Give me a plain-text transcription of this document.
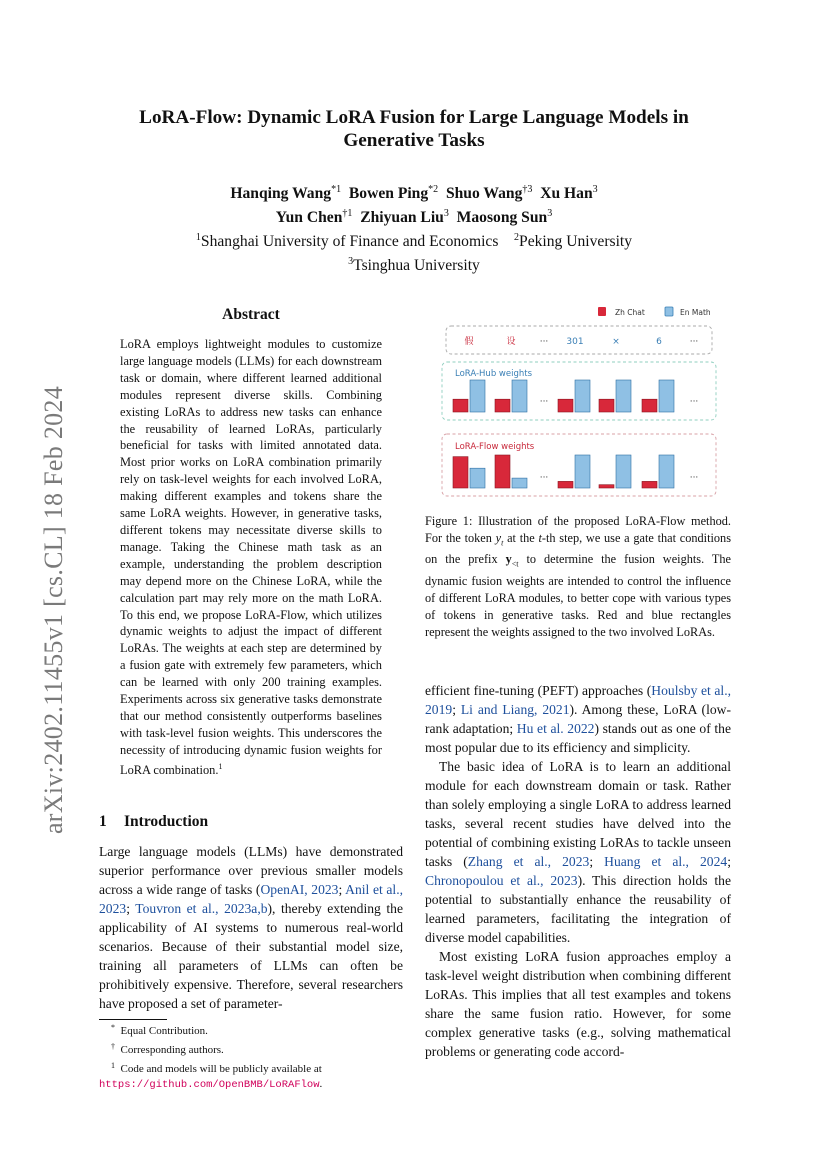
LoRA-Flow: Dynamic LoRA Fusion for Large Language Models in
Generative Tasks
Hanqing Wang$^{*1}$ Bowen Ping$^{*2}$ Shuo Wang$^{\dagger 3}$ Xu Han$^3$
Yun Chen$^{\dagger 1}$ Zhiyuan Liu$^3$ Maosong Sun$^3$
$^1$Shanghai University of Finance and Economics $^2$Peking University
$^3$Tsinghua University
arXiv:2402.11455v1 [cs.CL] 18 Feb 2024
Abstract
LoRA employs lightweight modules to customize large language models (LLMs) for each downstream task or domain, where different learned additional modules represent diverse skills. Combining existing LoRAs to address new tasks can enhance the reusability of learned LoRAs, particularly beneficial for tasks with limited annotated data. Most prior works on LoRA combination primarily rely on task-level weights for each involved LoRA, making different examples and tokens share the same LoRA weights. However, in generative tasks, different tokens may necessitate diverse skills to manage. Taking the Chinese math task as an example, understanding the problem description may depend more on the Chinese LoRA, while the calculation part may rely more on the math LoRA. To this end, we propose LoRA-Flow, which utilizes dynamic weights to adjust the impact of different LoRAs. The weights at each step are determined by a fusion gate with extremely few parameters, which can be learned with only 200 training examples. Experiments across six generative tasks demonstrate that our method consistently outperforms baselines with task-level fusion weights. This underscores the necessity of introducing dynamic fusion weights for LoRA combination.$^1$
1 Introduction
Large language models (LLMs) have demonstrated superior performance over previous smaller models across a wide range of tasks (OpenAI, 2023; Anil et al., 2023; Touvron et al., 2023a,b), thereby extending the applicability of AI systems to numerous real-world scenarios. Because of their substantial model size, training all parameters of LLMs can often be prohibitively expensive. Therefore, several researchers have proposed a set of parameter-
* Equal Contribution.
† Corresponding authors.
$^1$ Code and models will be publicly available at https://github.com/OpenBMB/LoRAFlow.
Zh Chat	En Math
假	设	··· 301	×	6	···
LoRA-Hub weights
···	···
LoRA-Flow weights
···	···
Figure 1: Illustration of the proposed LoRA-Flow method. For the token $y_t$ at the t-th step, we use a gate that conditions on the prefix $y_{<t}$ to determine the fusion weights. The dynamic fusion weights are intended to control the influence of different LoRA modules, to better cope with various types of tokens in generative tasks. Red and blue rectangles represent the weights assigned to the two involved LoRAs.

efficient fine-tuning (PEFT) approaches (Houlsby et al., 2019; Li and Liang, 2021). Among these, LoRA (low-rank adaptation; Hu et al. 2022) stands out as one of the most popular due to its efficiency and simplicity.

The basic idea of LoRA is to learn an additional module for each downstream domain or task. Rather than solely employing a single LoRA to address learned tasks, several recent studies have delved into the potential of combining existing LoRAs to tackle unseen tasks (Zhang et al., 2023; Huang et al., 2024; Chronopoulou et al., 2023). This direction holds the potential to substantially enhance the reusability of learned parameters, facilitating the integration of diverse model capabilities.

Most existing LoRA fusion approaches employ a task-level weight distribution when combining different LoRAs. This implies that all test examples and tokens share the same fusion ratio. However, for some complex generative tasks (e.g., solving mathematical problems or generating code accord-
